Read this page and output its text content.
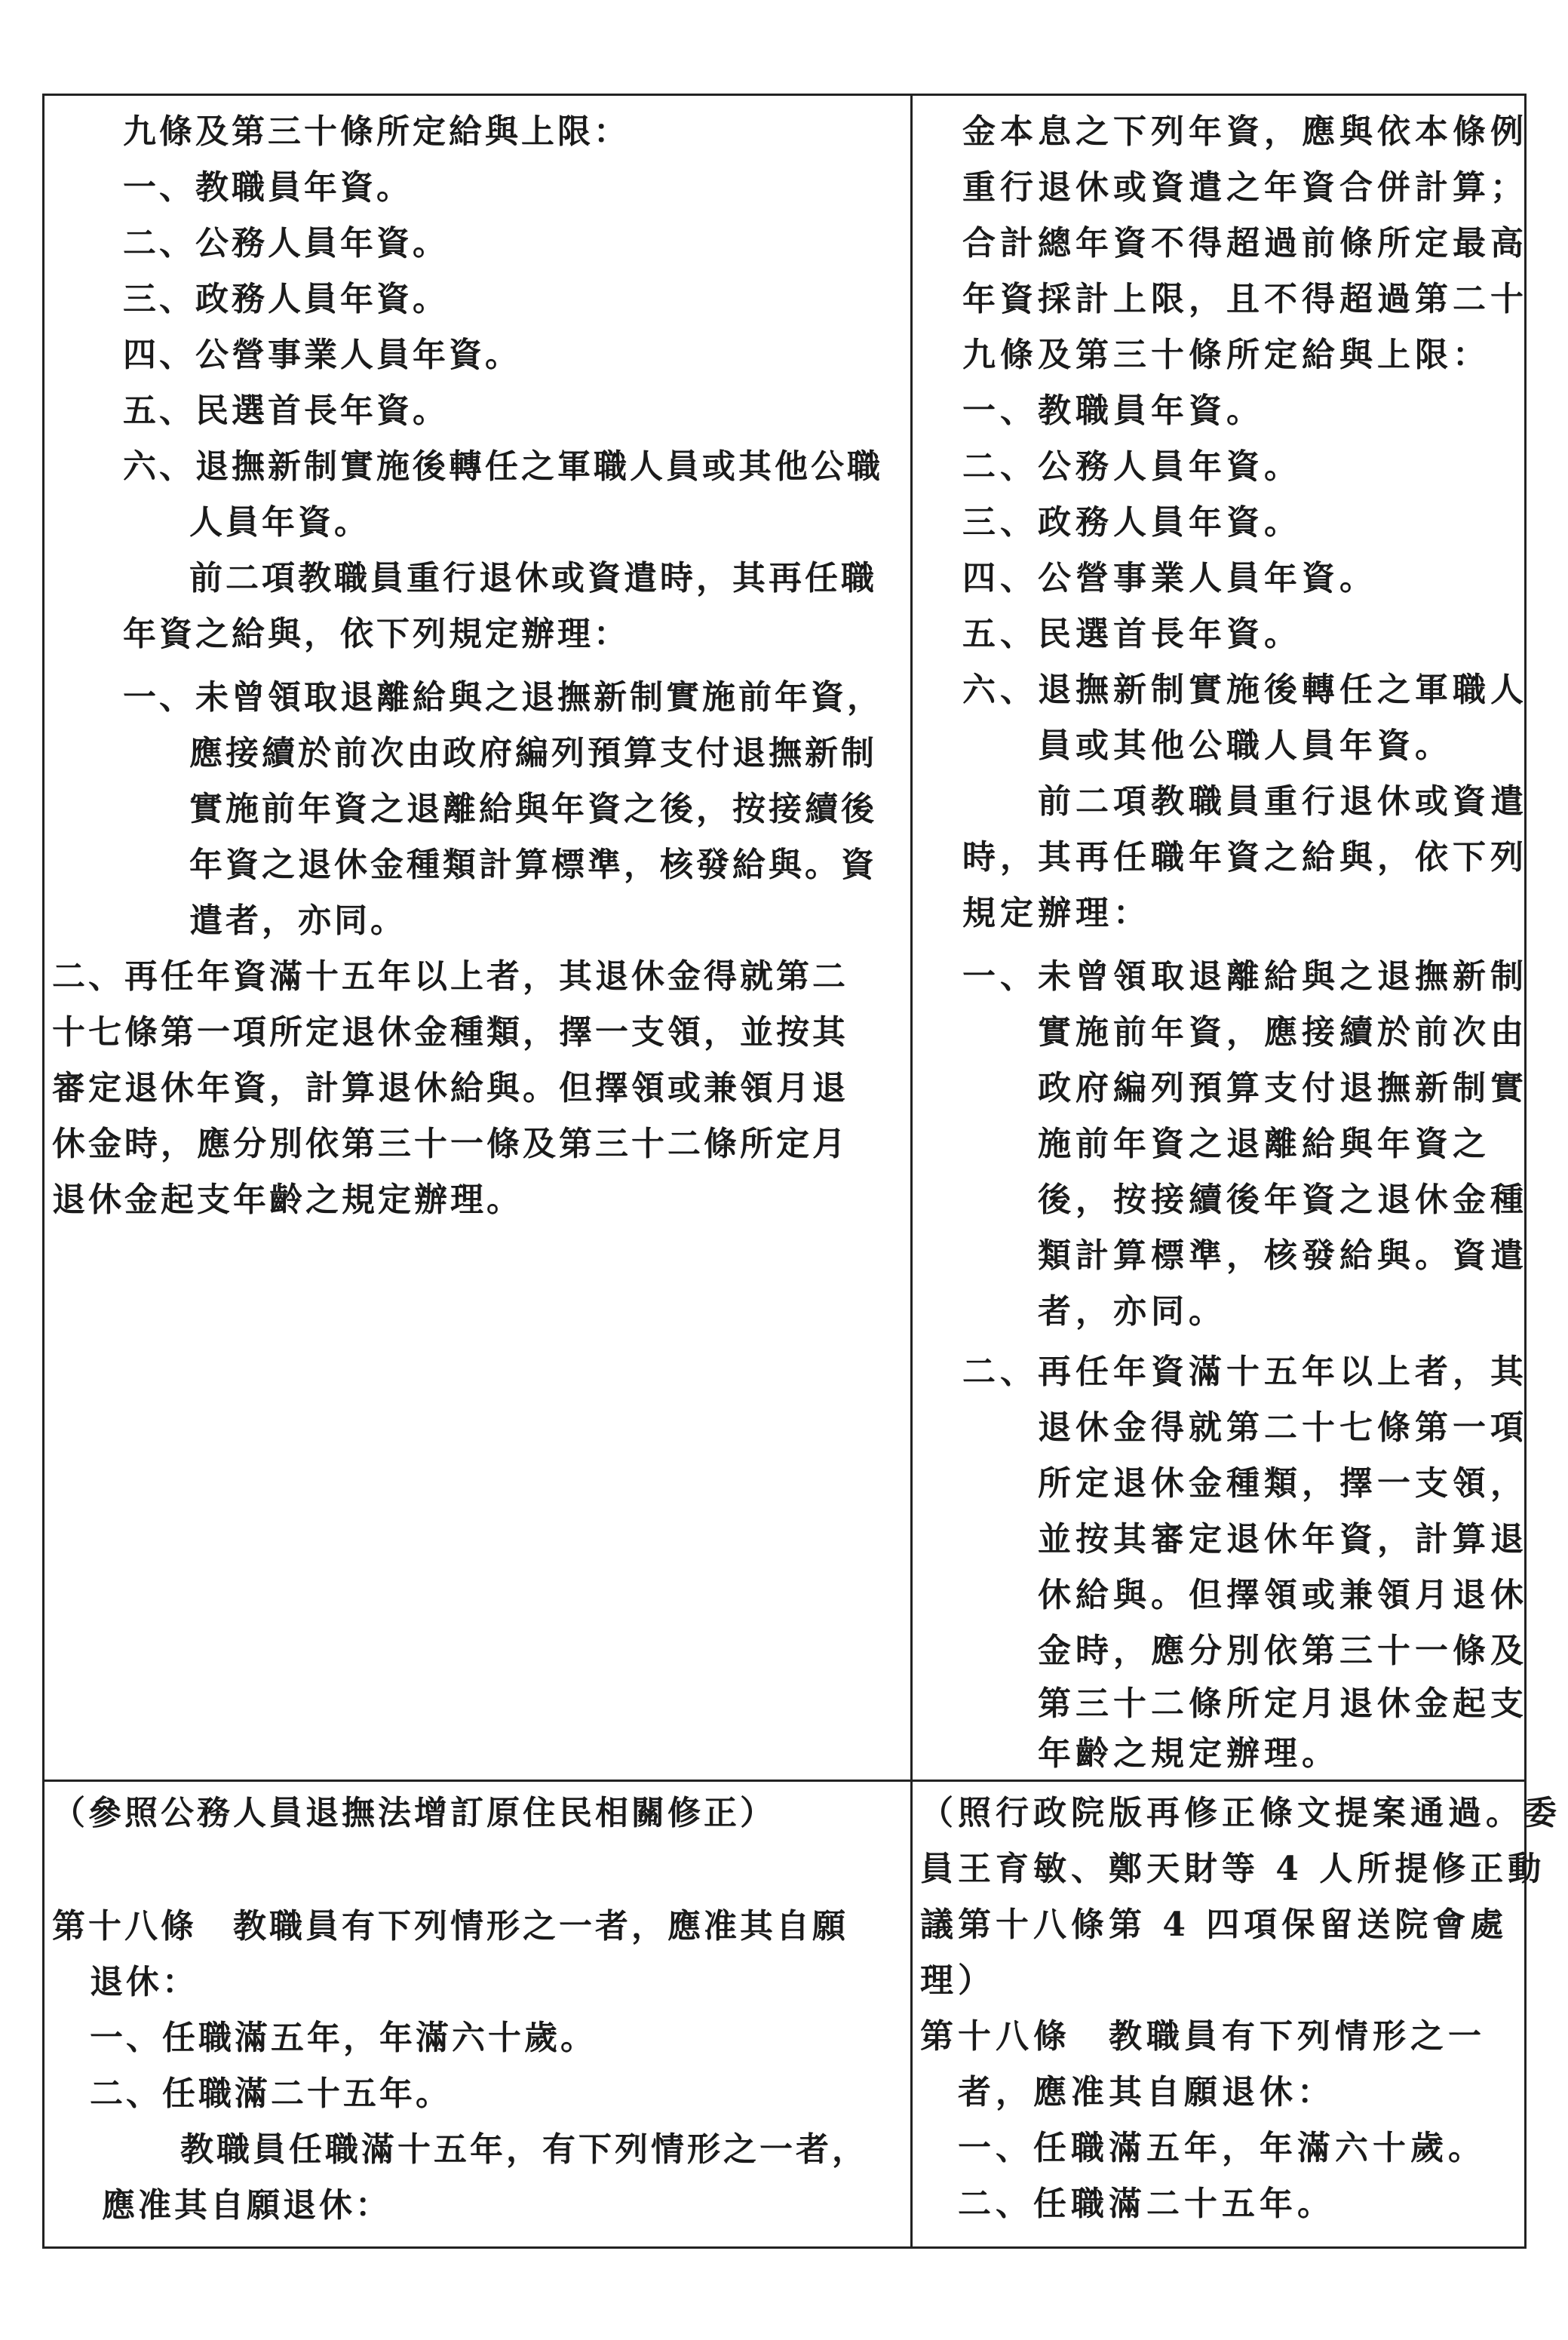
九條及第三十條所定給與上限：
一、教職員年資。
二、公務人員年資。
三、政務人員年資。
四、公營事業人員年資。
五、民選首長年資。
六、退撫新制實施後轉任之軍職人員或其他公職
人員年資。
前二項教職員重行退休或資遣時，其再任職
年資之給與，依下列規定辦理：
一、未曾領取退離給與之退撫新制實施前年資，
應接續於前次由政府編列預算支付退撫新制
實施前年資之退離給與年資之後，按接續後
年資之退休金種類計算標準，核發給與。資
遣者，亦同。
二、再任年資滿十五年以上者，其退休金得就第二
十七條第一項所定退休金種類，擇一支領，並按其
審定退休年資，計算退休給與。但擇領或兼領月退
休金時，應分別依第三十一條及第三十二條所定月
退休金起支年齡之規定辦理。
金本息之下列年資，應與依本條例
重行退休或資遣之年資合併計算；
合計總年資不得超過前條所定最高
年資採計上限，且不得超過第二十
九條及第三十條所定給與上限：
一、教職員年資。
二、公務人員年資。
三、政務人員年資。
四、公營事業人員年資。
五、民選首長年資。
六、退撫新制實施後轉任之軍職人
員或其他公職人員年資。
前二項教職員重行退休或資遣
時，其再任職年資之給與，依下列
規定辦理：
一、未曾領取退離給與之退撫新制
實施前年資，應接續於前次由
政府編列預算支付退撫新制實
施前年資之退離給與年資之
後，按接續後年資之退休金種
類計算標準，核發給與。資遣
者，亦同。
二、再任年資滿十五年以上者，其
退休金得就第二十七條第一項
所定退休金種類，擇一支領，
並按其審定退休年資，計算退
休給與。但擇領或兼領月退休
金時，應分別依第三十一條及
第三十二條所定月退休金起支
年齡之規定辦理。
（參照公務人員退撫法增訂原住民相關修正）
第十八條　教職員有下列情形之一者，應准其自願
退休：
一、任職滿五年，年滿六十歲。
二、任職滿二十五年。
教職員任職滿十五年，有下列情形之一者，
應准其自願退休：
（照行政院版再修正條文提案通過。委
員王育敏、鄭天財等 4 人所提修正動
議第十八條第 4 四項保留送院會處
理）
第十八條　教職員有下列情形之一
者，應准其自願退休：
一、任職滿五年，年滿六十歲。
二、任職滿二十五年。
